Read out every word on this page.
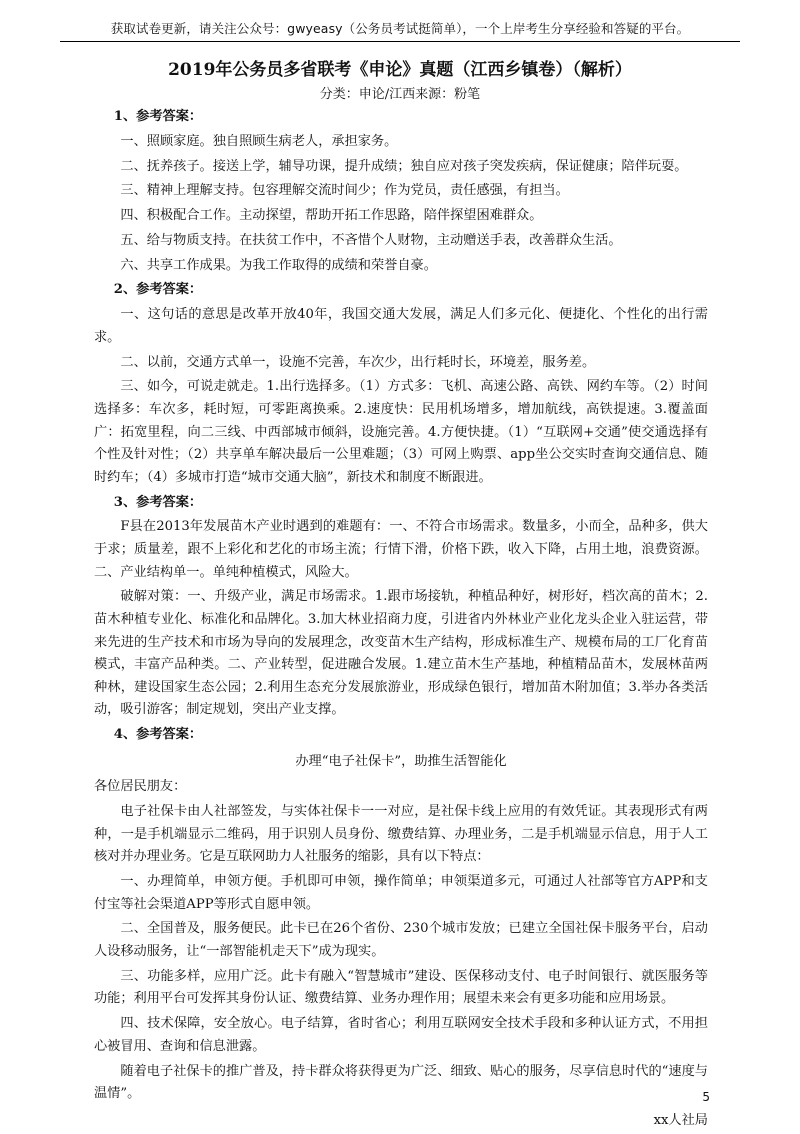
获取试卷更新，请关注公众号：gwyeasy（公务员考试挺简单），一个上岸考生分享经验和答疑的平台。
2019年公务员多省联考《申论》真题（江西乡镇卷）（解析）
分类：申论/江西来源：粉笔
1、参考答案：

一、照顾家庭。独自照顾生病老人，承担家务。

二、抚养孩子。接送上学，辅导功课，提升成绩；独自应对孩子突发疾病，保证健康；陪伴玩耍。

三、精神上理解支持。包容理解交流时间少；作为党员，责任感强，有担当。

四、积极配合工作。主动探望，帮助开拓工作思路，陪伴探望困难群众。

五、给与物质支持。在扶贫工作中，不吝惜个人财物，主动赠送手表，改善群众生活。

六、共享工作成果。为我工作取得的成绩和荣誉自豪。

2、参考答案：

一、这句话的意思是改革开放40年，我国交通大发展，满足人们多元化、便捷化、个性化的出行需求。

二、以前，交通方式单一，设施不完善，车次少，出行耗时长，环境差，服务差。

三、如今，可说走就走。1.出行选择多。（1）方式多：飞机、高速公路、高铁、网约车等。（2）时间选择多：车次多，耗时短，可零距离换乘。2.速度快：民用机场增多，增加航线，高铁提速。3.覆盖面广：拓宽里程，向二三线、中西部城市倾斜，设施完善。4.方便快捷。（1）“互联网+交通”使交通选择有个性及针对性；（2）共享单车解决最后一公里难题；（3）可网上购票、app坐公交实时查询交通信息、随时约车；（4）多城市打造“城市交通大脑”，新技术和制度不断跟进。

3、参考答案：

F县在2013年发展苗木产业时遇到的难题有：一、不符合市场需求。数量多，小而全，品种多，供大于求；质量差，跟不上彩化和艺化的市场主流；行情下滑，价格下跌，收入下降，占用土地，浪费资源。二、产业结构单一。单纯种植模式，风险大。

破解对策：一、升级产业，满足市场需求。1.跟市场接轨，种植品种好，树形好，档次高的苗木；2.苗木种植专业化、标准化和品牌化。3.加大林业招商力度，引进省内外林业产业化龙头企业入驻运营，带来先进的生产技术和市场为导向的发展理念，改变苗木生产结构，形成标准生产、规模布局的工厂化育苗模式，丰富产品种类。二、产业转型，促进融合发展。1.建立苗木生产基地，种植精品苗木，发展林苗两种林，建设国家生态公园；2.利用生态充分发展旅游业，形成绿色银行，增加苗木附加值；3.举办各类活动，吸引游客；制定规划，突出产业支撑。

4、参考答案：

办理“电子社保卡”，助推生活智能化

各位居民朋友：

电子社保卡由人社部签发，与实体社保卡一一对应，是社保卡线上应用的有效凭证。其表现形式有两种，一是手机端显示二维码，用于识别人员身份、缴费结算、办理业务，二是手机端显示信息，用于人工核对并办理业务。它是互联网助力人社服务的缩影，具有以下特点：

一、办理简单，申领方便。手机即可申领，操作简单；申领渠道多元，可通过人社部等官方APP和支付宝等社会渠道APP等形式自愿申领。

二、全国普及，服务便民。此卡已在26个省份、230个城市发放；已建立全国社保卡服务平台，启动人设移动服务，让“一部智能机走天下”成为现实。

三、功能多样，应用广泛。此卡有融入“智慧城市”建设、医保移动支付、电子时间银行、就医服务等功能；利用平台可发挥其身份认证、缴费结算、业务办理作用；展望未来会有更多功能和应用场景。

四、技术保障，安全放心。电子结算，省时省心；利用互联网安全技术手段和多种认证方式，不用担心被冒用、查询和信息泄露。

随着电子社保卡的推广普及，持卡群众将获得更为广泛、细致、贴心的服务，尽享信息时代的“速度与温情”。

xx人社局

5
